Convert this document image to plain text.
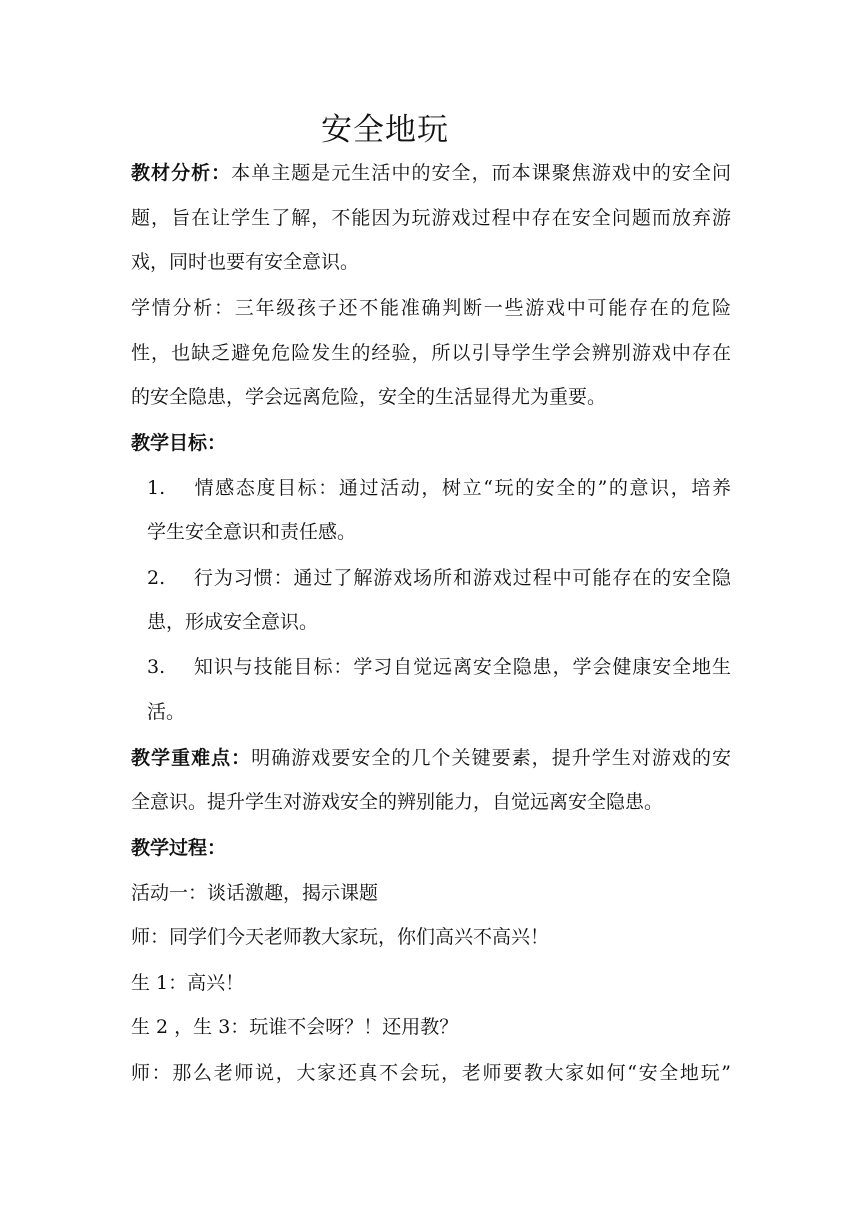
安全地玩
教材分析：本单主题是元生活中的安全，而本课聚焦游戏中的安全问
题，旨在让学生了解，不能因为玩游戏过程中存在安全问题而放弃游
戏，同时也要有安全意识。
学情分析：三年级孩子还不能准确判断一些游戏中可能存在的危险
性，也缺乏避免危险发生的经验，所以引导学生学会辨别游戏中存在
的安全隐患，学会远离危险，安全的生活显得尤为重要。
教学目标：
1. 情感态度目标：通过活动，树立“玩的安全的”的意识，培养
学生安全意识和责任感。
2. 行为习惯：通过了解游戏场所和游戏过程中可能存在的安全隐
患，形成安全意识。
3. 知识与技能目标：学习自觉远离安全隐患，学会健康安全地生
活。
教学重难点：明确游戏要安全的几个关键要素，提升学生对游戏的安
全意识。提升学生对游戏安全的辨别能力，自觉远离安全隐患。
教学过程：
活动一：谈话激趣，揭示课题
师：同学们今天老师教大家玩，你们高兴不高兴！
生 1：高兴！
生 2 ，生 3：玩谁不会呀？！还用教？
师：那么老师说，大家还真不会玩，老师要教大家如何“安全地玩”
